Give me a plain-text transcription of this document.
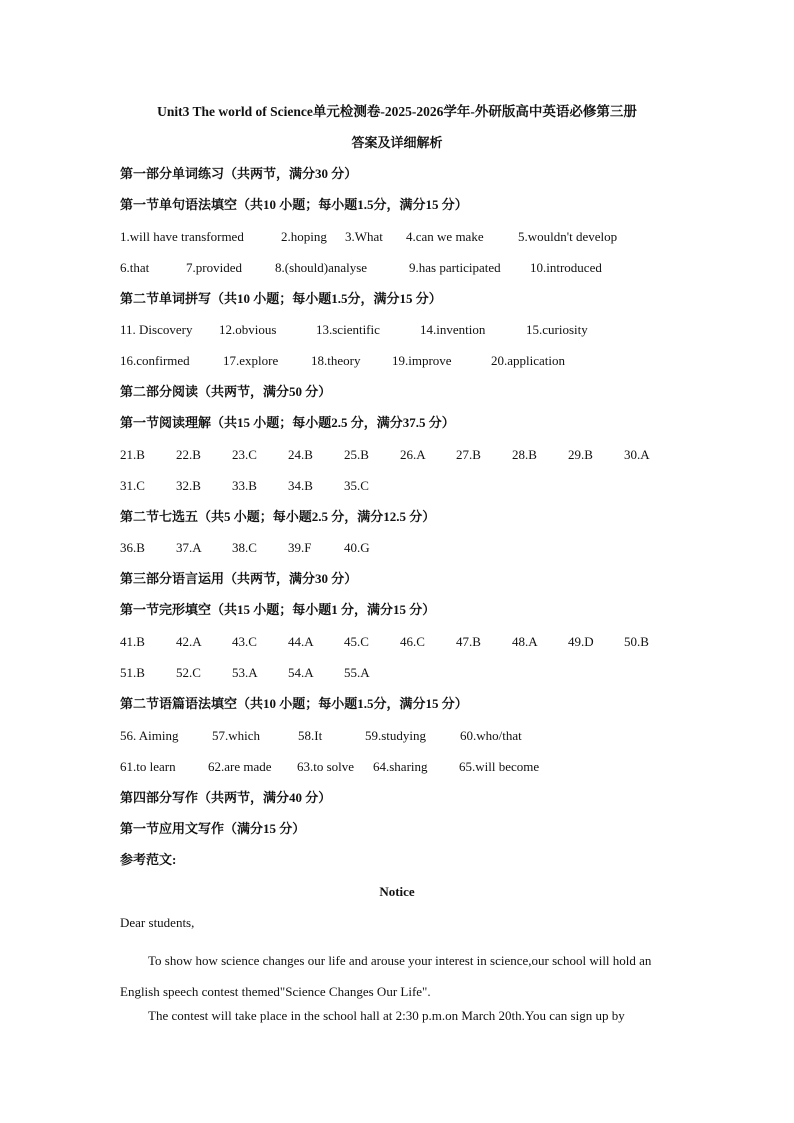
Unit3 The world of Science单元检测卷-2025-2026学年-外研版高中英语必修第三册
答案及详细解析
第一部分单词练习（共两节，满分30 分）
第一节单句语法填空（共10 小题；每小题1.5分，满分15 分）
1.will have transformed	2.hoping 3.What 4.can we make	5.wouldn't develop
6.that	7.provided	8.(should)analyse	9.has participated 10.introduced
第二节单词拼写（共10 小题；每小题1.5分，满分15 分）
11. Discovery 12.obvious	13.scientific	14.invention	15.curiosity
16.confirmed	17.explore	18.theory 19.improve	20.application
第二部分阅读（共两节，满分50 分）
第一节阅读理解（共15 小题；每小题2.5 分，满分37.5 分）
21.B 22.B 23.C 24.B 25.B 26.A 27.B 28.B 29.B 30.A
31.C 32.B 33.B 34.B 35.C
第二节七选五（共5 小题；每小题2.5 分，满分12.5 分）
36.B 37.A 38.C 39.F	40.G
第三部分语言运用（共两节，满分30 分）
第一节完形填空（共15 小题；每小题1 分，满分15 分）
41.B 42.A 43.C 44.A 45.C 46.C 47.B 48.A 49.D 50.B
51.B 52.C 53.A 54.A 55.A
第二节语篇语法填空（共10 小题；每小题1.5分，满分15 分）
56. Aiming	57.which	58.It	59.studying	60.who/that
61.to learn 62.are made 63.to solve 64.sharing 65.will become
第四部分写作（共两节，满分40 分）
第一节应用文写作（满分15 分）
参考范文:
Notice
Dear students,
To show how science changes our life and arouse your interest in science,our school will hold an English speech contest themed"Science Changes Our Life".
The contest will take place in the school hall at 2:30 p.m.on March 20th.You can sign up by
